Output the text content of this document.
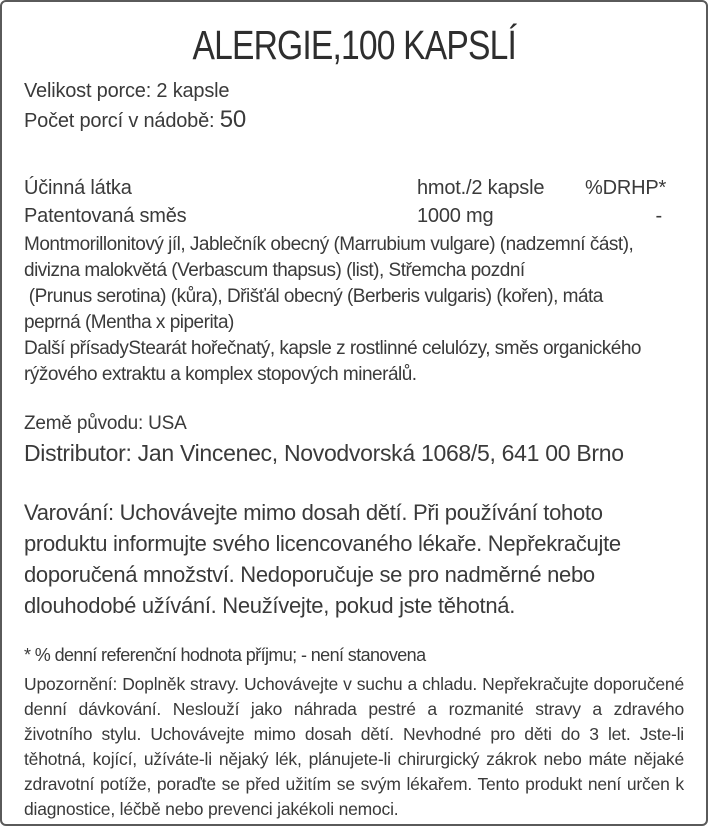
ALERGIE,100 KAPSLÍ
Velikost porce: 2 kapsle
Počet porcí v nádobě: 50
Účinná látka	hmot./2 kapsle	%DRHP*
Patentovaná směs	1000 mg	-
Montmorillonitový jíl, Jablečník obecný (Marrubium vulgare) (nadzemní část),
divizna malokvětá (Verbascum thapsus) (list), Střemcha pozdní
(Prunus serotina) (kůra), Dřišťál obecný (Berberis vulgaris) (kořen), máta
peprná (Mentha x piperita)
Další přísadyStearát hořečnatý, kapsle z rostlinné celulózy, směs organického
rýžového extraktu a komplex stopových minerálů.
Země původu: USA
Distributor: Jan Vincenec, Novodvorská 1068/5, 641 00 Brno
Varování: Uchovávejte mimo dosah dětí. Při používání tohoto
produktu informujte svého licencovaného lékaře. Nepřekračujte
doporučená množství. Nedoporučuje se pro nadměrné nebo
dlouhodobé užívání. Neužívejte, pokud jste těhotná.
* % denní referenční hodnota příjmu; - není stanovena
Upozornění: Doplněk stravy. Uchovávejte v suchu a chladu. Nepřekračujte doporučené denní dávkování. Neslouží jako náhrada pestré a rozmanité stravy a zdravého životního stylu. Uchovávejte mimo dosah dětí. Nevhodné pro děti do 3 let. Jste-li těhotná, kojící, užíváte-li nějaký lék, plánujete-li chirurgický zákrok nebo máte nějaké zdravotní potíže, poraďte se před užitím se svým lékařem. Tento produkt není určen k diagnostice, léčbě nebo prevenci jakékoli nemoci.
